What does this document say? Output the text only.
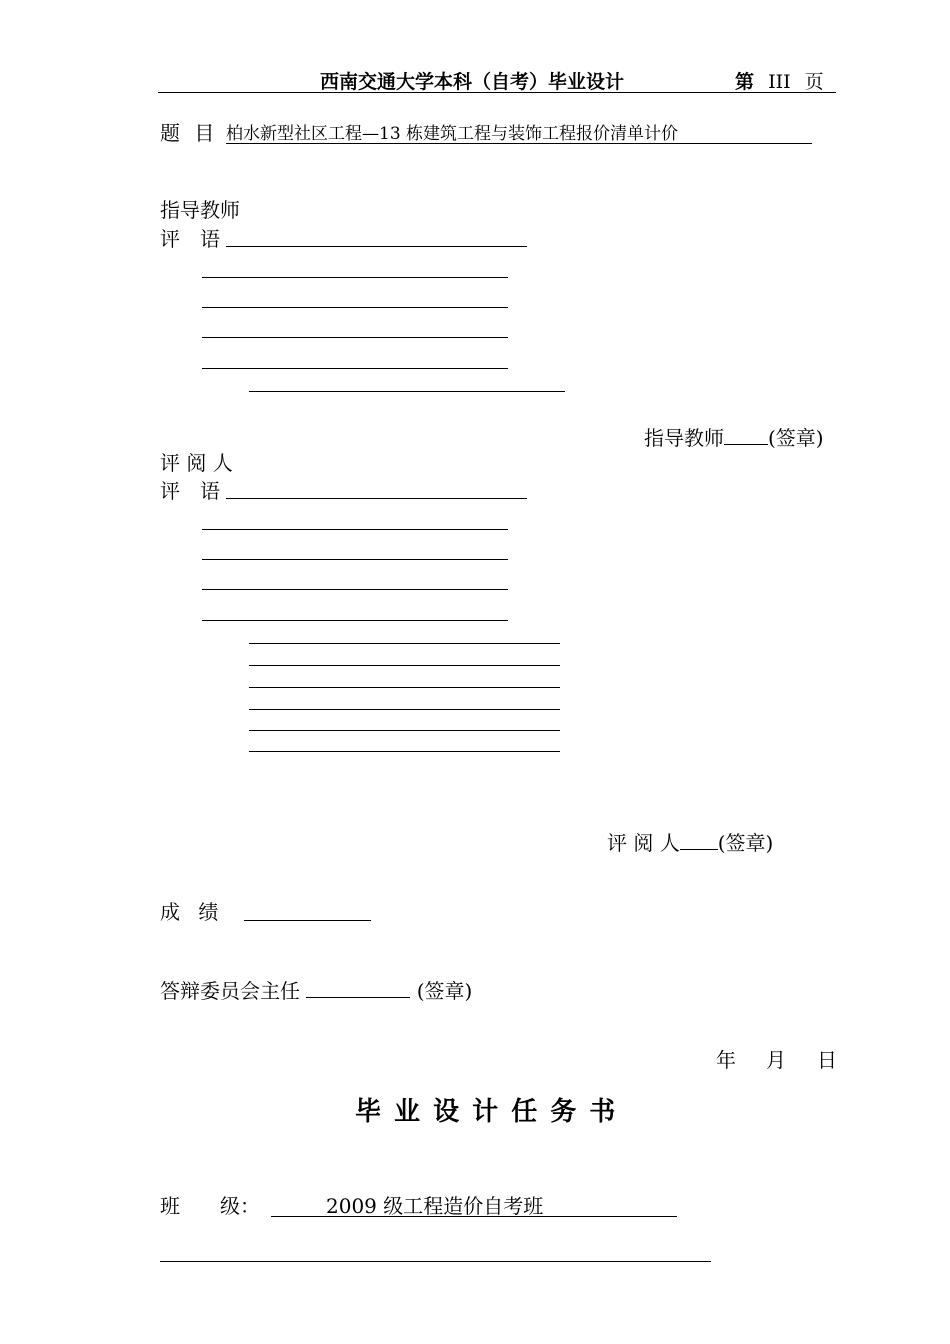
西南交通大学本科（自考）毕业设计	第 III 页
题 目 柏水新型社区工程—13 栋建筑工程与装饰工程报价清单计价
指导教师
评　语
指导教师 (签章)
评 阅 人
评　语
评 阅 人 (签章)
成 绩
答辩委员会主任	(签章)
年 月 日
毕 业 设 计 任 务 书
班　　级：	2009 级工程造价自考班
